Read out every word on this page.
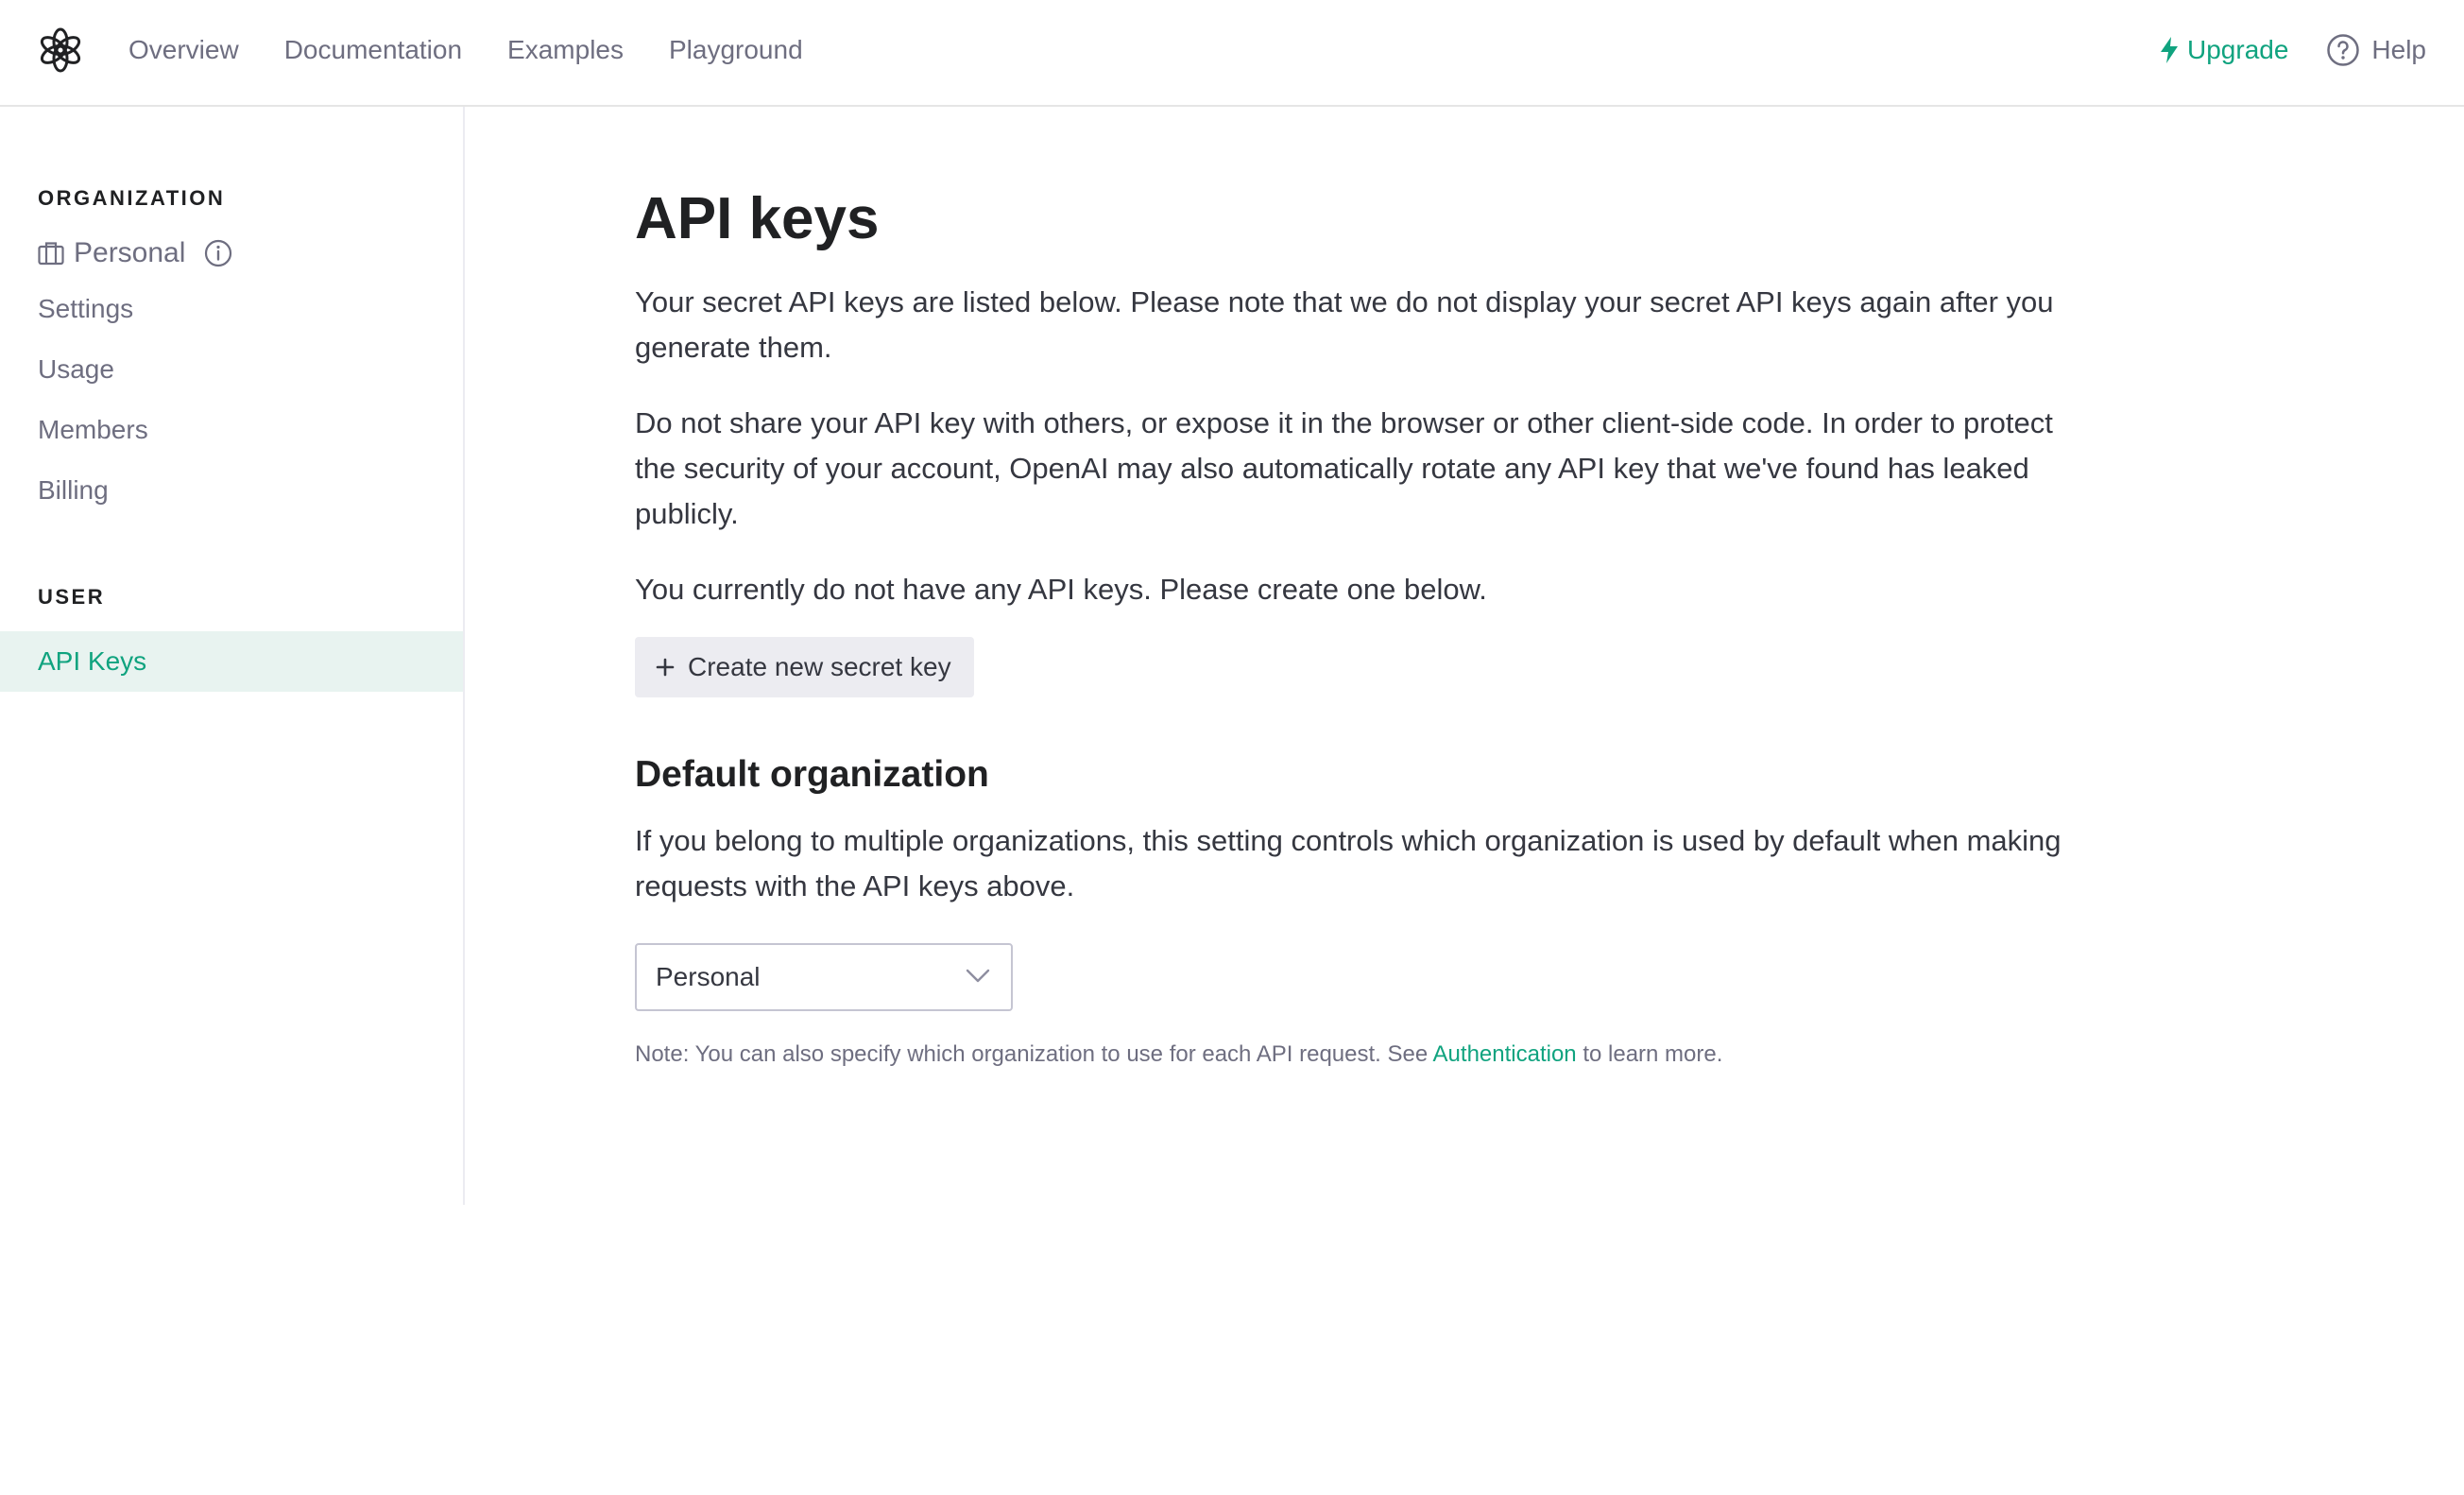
Overview Documentation Examples Playground	Upgrade	Help
ORGANIZATION
Personal
Settings
Usage
Members
Billing
USER
API Keys
API keys

Your secret API keys are listed below. Please note that we do not display your secret API keys again after you generate them.

Do not share your API key with others, or expose it in the browser or other client-side code. In order to protect the security of your account, OpenAI may also automatically rotate any API key that we've found has leaked publicly.

You currently do not have any API keys. Please create one below.

Create new secret key
Default organization

If you belong to multiple organizations, this setting controls which organization is used by default when making requests with the API keys above.

Personal
Note: You can also specify which organization to use for each API request. See Authentication to learn more.
